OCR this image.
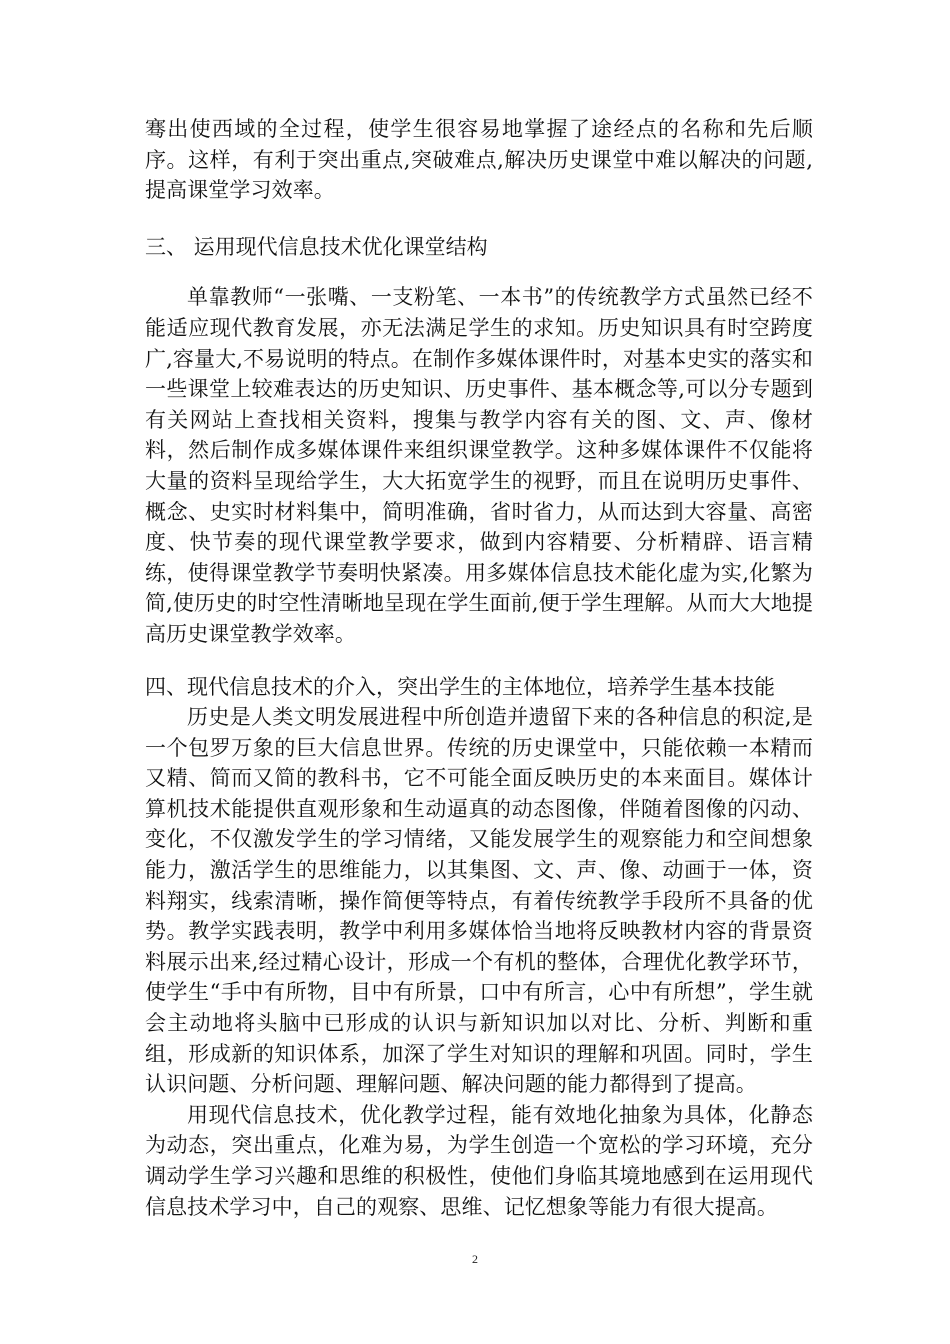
骞出使西域的全过程，使学生很容易地掌握了途经点的名称和先后顺序。这样，有利于突出重点,突破难点,解决历史课堂中难以解决的问题,提高课堂学习效率。

三、 运用现代信息技术优化课堂结构

单靠教师“一张嘴、一支粉笔、一本书”的传统教学方式虽然已经不能适应现代教育发展，亦无法满足学生的求知。历史知识具有时空跨度广,容量大,不易说明的特点。在制作多媒体课件时，对基本史实的落实和一些课堂上较难表达的历史知识、历史事件、基本概念等,可以分专题到有关网站上查找相关资料，搜集与教学内容有关的图、文、声、像材料，然后制作成多媒体课件来组织课堂教学。这种多媒体课件不仅能将大量的资料呈现给学生，大大拓宽学生的视野，而且在说明历史事件、概念、史实时材料集中，简明准确，省时省力，从而达到大容量、高密度、快节奏的现代课堂教学要求，做到内容精要、分析精辟、语言精练，使得课堂教学节奏明快紧凑。用多媒体信息技术能化虚为实,化繁为简,使历史的时空性清晰地呈现在学生面前,便于学生理解。从而大大地提高历史课堂教学效率。

四、现代信息技术的介入，突出学生的主体地位，培养学生基本技能

历史是人类文明发展进程中所创造并遗留下来的各种信息的积淀,是一个包罗万象的巨大信息世界。传统的历史课堂中，只能依赖一本精而又精、简而又简的教科书，它不可能全面反映历史的本来面目。媒体计算机技术能提供直观形象和生动逼真的动态图像，伴随着图像的闪动、变化，不仅激发学生的学习情绪，又能发展学生的观察能力和空间想象能力，激活学生的思维能力，以其集图、文、声、像、动画于一体，资料翔实，线索清晰，操作简便等特点，有着传统教学手段所不具备的优势。教学实践表明，教学中利用多媒体恰当地将反映教材内容的背景资料展示出来,经过精心设计，形成一个有机的整体，合理优化教学环节，使学生“手中有所物，目中有所景，口中有所言，心中有所想”，学生就会主动地将头脑中已形成的认识与新知识加以对比、分析、判断和重组，形成新的知识体系，加深了学生对知识的理解和巩固。同时，学生认识问题、分析问题、理解问题、解决问题的能力都得到了提高。

用现代信息技术，优化教学过程，能有效地化抽象为具体，化静态为动态，突出重点，化难为易，为学生创造一个宽松的学习环境，充分调动学生学习兴趣和思维的积极性，使他们身临其境地感到在运用现代信息技术学习中，自己的观察、思维、记忆想象等能力有很大提高。

2
